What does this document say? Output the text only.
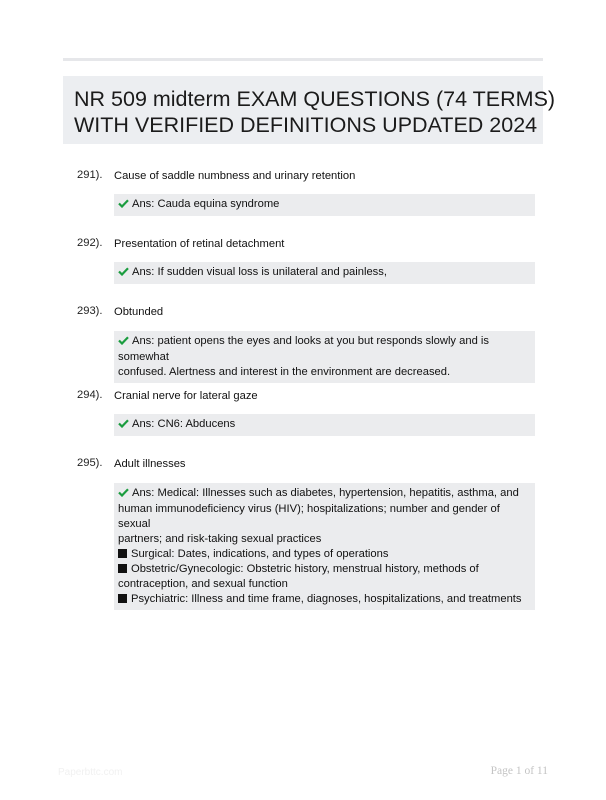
NR 509 midterm EXAM QUESTIONS (74 TERMS)
WITH VERIFIED DEFINITIONS UPDATED 2024
291). Cause of saddle numbness and urinary retention
Ans: Cauda equina syndrome
292). Presentation of retinal detachment
Ans: If sudden visual loss is unilateral and painless,
293). Obtunded
Ans: patient opens the eyes and looks at you but responds slowly and is somewhat
confused. Alertness and interest in the environment are decreased.
294). Cranial nerve for lateral gaze
Ans: CN6: Abducens
295). Adult illnesses
Ans: Medical: Illnesses such as diabetes, hypertension, hepatitis, asthma, and
human immunodeficiency virus (HIV); hospitalizations; number and gender of sexual
partners; and risk-taking sexual practices
Surgical: Dates, indications, and types of operations
Obstetric/Gynecologic: Obstetric history, menstrual history, methods of
contraception, and sexual function
Psychiatric: Illness and time frame, diagnoses, hospitalizations, and treatments
Paperbttc.com	Page 1 of 11
